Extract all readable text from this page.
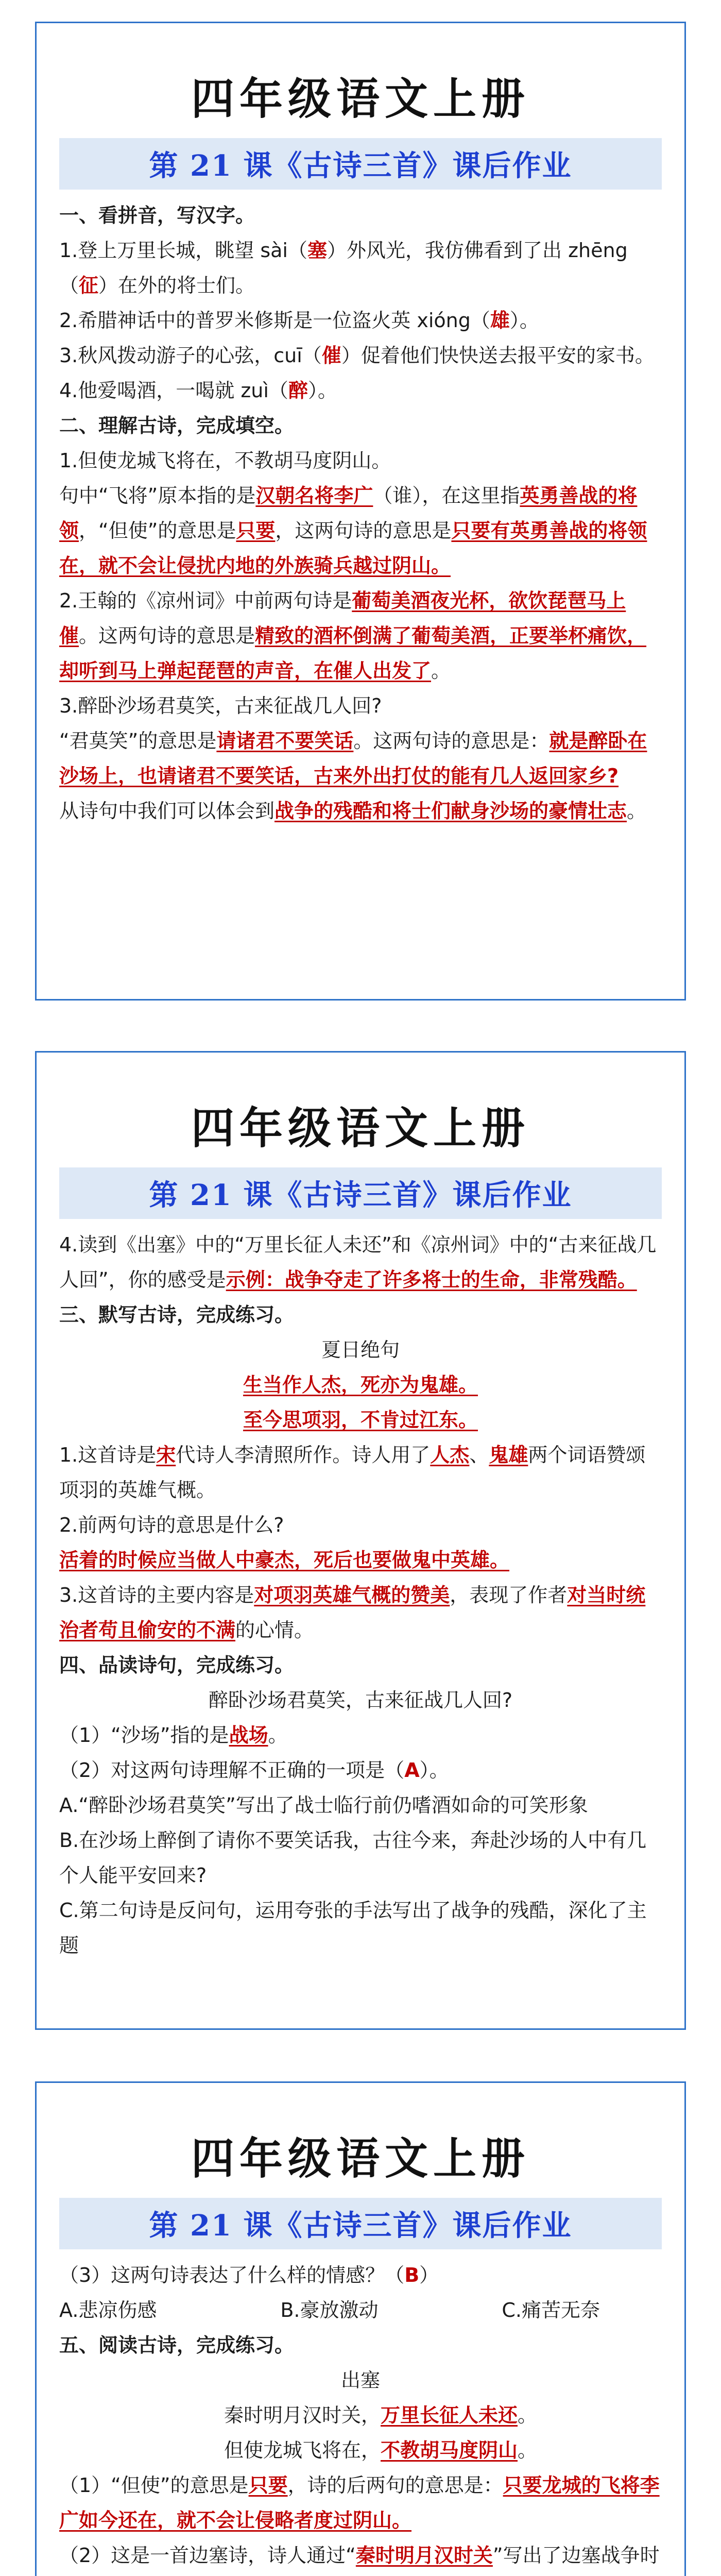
四年级语文上册
第 21 课《古诗三首》课后作业

一、看拼音，写汉字。

1.登上万里长城，眺望 sài（塞）外风光，我仿佛看到了出 zhēng（征）在外的将士们。

2.希腊神话中的普罗米修斯是一位盗火英 xióng（雄）。

3.秋风拨动游子的心弦，cuī（催）促着他们快快送去报平安的家书。

4.他爱喝酒，一喝就 zuì（醉）。

二、理解古诗，完成填空。

1.但使龙城飞将在，不教胡马度阴山。

句中“飞将”原本指的是汉朝名将李广（谁），在这里指英勇善战的将领，“但使”的意思是只要，这两句诗的意思是只要有英勇善战的将领在，就不会让侵扰内地的外族骑兵越过阴山。

2.王翰的《凉州词》中前两句诗是葡萄美酒夜光杯，欲饮琵琶马上催。这两句诗的意思是精致的酒杯倒满了葡萄美酒，正要举杯痛饮，却听到马上弹起琵琶的声音，在催人出发了。

3.醉卧沙场君莫笑，古来征战几人回?

“君莫笑”的意思是请诸君不要笑话。这两句诗的意思是：就是醉卧在沙场上，也请诸君不要笑话，古来外出打仗的能有几人返回家乡?

从诗句中我们可以体会到战争的残酷和将士们献身沙场的豪情壮志。

四年级语文上册
第 21 课《古诗三首》课后作业

4.读到《出塞》中的“万里长征人未还”和《凉州词》中的“古来征战几人回”，你的感受是示例：战争夺走了许多将士的生命，非常残酷。

三、默写古诗，完成练习。

夏日绝句

生当作人杰，死亦为鬼雄。

至今思项羽，不肯过江东。

1.这首诗是宋代诗人李清照所作。诗人用了人杰、鬼雄两个词语赞颂项羽的英雄气概。

2.前两句诗的意思是什么?

活着的时候应当做人中豪杰，死后也要做鬼中英雄。

3.这首诗的主要内容是对项羽英雄气概的赞美，表现了作者对当时统治者苟且偷安的不满的心情。

四、品读诗句，完成练习。

醉卧沙场君莫笑，古来征战几人回?

（1）“沙场”指的是战场。

（2）对这两句诗理解不正确的一项是（A）。

A.“醉卧沙场君莫笑”写出了战士临行前仍嗜酒如命的可笑形象

B.在沙场上醉倒了请你不要笑话我，古往今来，奔赴沙场的人中有几个人能平安回来?

C.第二句诗是反问句，运用夸张的手法写出了战争的残酷，深化了主题

四年级语文上册
第 21 课《古诗三首》课后作业

（3）这两句诗表达了什么样的情感？（B）

A.悲凉伤感	B.豪放激动	C.痛苦无奈

五、阅读古诗，完成练习。

出塞

秦时明月汉时关，万里长征人未还。

但使龙城飞将在，不教胡马度阴山。

（1）“但使”的意思是只要，诗的后两句的意思是：只要龙城的飞将李广如今还在，就不会让侵略者度过阴山。

（2）这是一首边塞诗，诗人通过“秦时明月汉时关”写出了边塞战争时
